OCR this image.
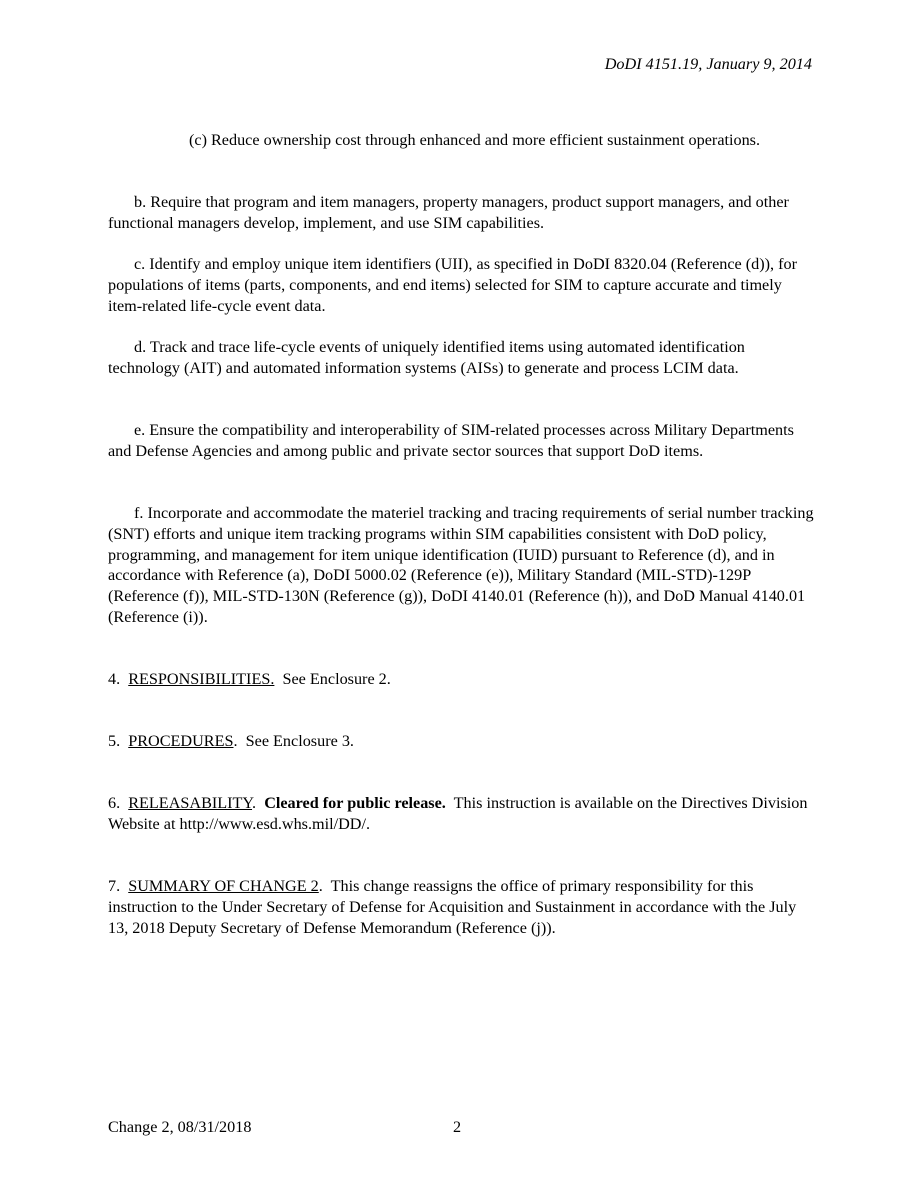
DoDI 4151.19, January 9, 2014

(c) Reduce ownership cost through enhanced and more efficient sustainment operations.

b. Require that program and item managers, property managers, product support managers, and other functional managers develop, implement, and use SIM capabilities.

c. Identify and employ unique item identifiers (UII), as specified in DoDI 8320.04 (Reference (d)), for populations of items (parts, components, and end items) selected for SIM to capture accurate and timely item-related life-cycle event data.

d. Track and trace life-cycle events of uniquely identified items using automated identification technology (AIT) and automated information systems (AISs) to generate and process LCIM data.

e. Ensure the compatibility and interoperability of SIM-related processes across Military Departments and Defense Agencies and among public and private sector sources that support DoD items.

f. Incorporate and accommodate the materiel tracking and tracing requirements of serial number tracking (SNT) efforts and unique item tracking programs within SIM capabilities consistent with DoD policy, programming, and management for item unique identification (IUID) pursuant to Reference (d), and in accordance with Reference (a), DoDI 5000.02 (Reference (e)), Military Standard (MIL-STD)-129P (Reference (f)), MIL-STD-130N (Reference (g)), DoDI 4140.01 (Reference (h)), and DoD Manual 4140.01 (Reference (i)).

4. RESPONSIBILITIES. See Enclosure 2.

5. PROCEDURES. See Enclosure 3.

6. RELEASABILITY. Cleared for public release. This instruction is available on the Directives Division Website at http://www.esd.whs.mil/DD/.

7. SUMMARY OF CHANGE 2. This change reassigns the office of primary responsibility for this instruction to the Under Secretary of Defense for Acquisition and Sustainment in accordance with the July 13, 2018 Deputy Secretary of Defense Memorandum (Reference (j)).

Change 2, 08/31/2018	2
